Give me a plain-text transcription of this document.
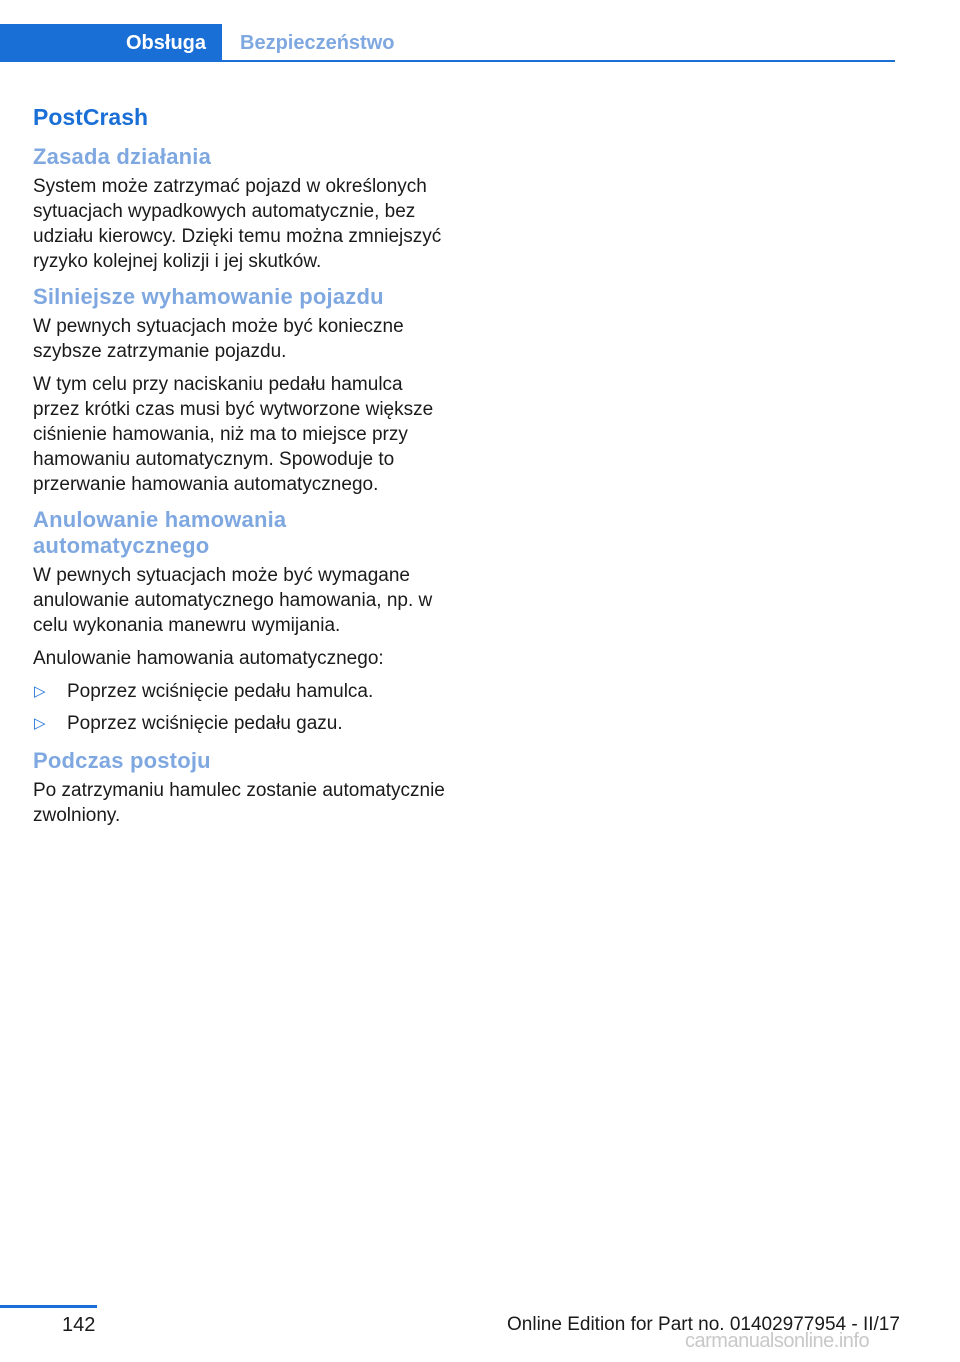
Obsługa	Bezpieczeństwo
PostCrash
Zasada działania

System może zatrzymać pojazd w określonych sytuacjach wypadkowych automatycznie, bez udziału kierowcy. Dzięki temu można zmniejszyć ryzyko kolejnej kolizji i jej skutków.

Silniejsze wyhamowanie pojazdu

W pewnych sytuacjach może być konieczne szybsze zatrzymanie pojazdu.

W tym celu przy naciskaniu pedału hamulca przez krótki czas musi być wytworzone większe ciśnienie hamowania, niż ma to miejsce przy hamowaniu automatycznym. Spowoduje to przerwanie hamowania automatycznego.

Anulowanie hamowania automatycznego

W pewnych sytuacjach może być wymagane anulowanie automatycznego hamowania, np. w celu wykonania manewru wymijania.

Anulowanie hamowania automatycznego:

▷	Poprzez wciśnięcie pedału hamulca.
▷	Poprzez wciśnięcie pedału gazu.
Podczas postoju

Po zatrzymaniu hamulec zostanie automatycznie zwolniony.

142	Online Edition for Part no. 01402977954 - II/17
carmanualsonline.info
